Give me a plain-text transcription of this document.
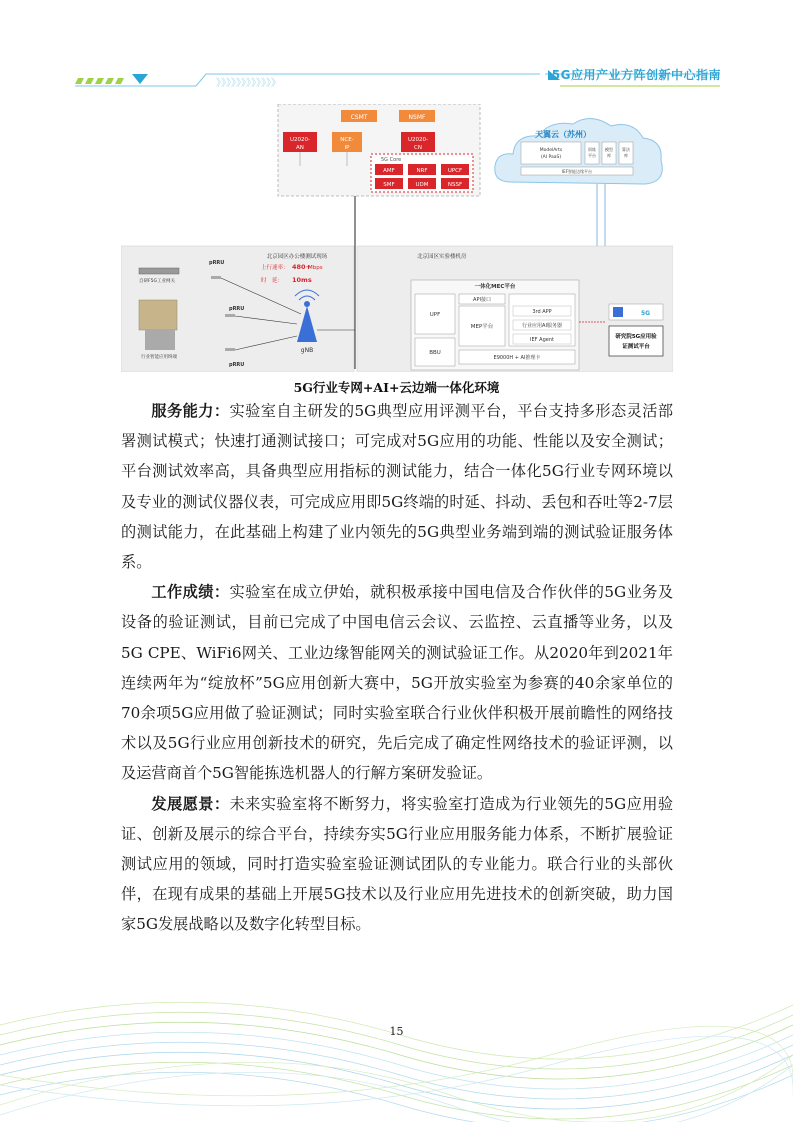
》》》》》》》》》》》》
5G应用产业方阵创新中心指南
CSMT	NSMF
U2020-
AN
NCE-
IP
U2020-
CN
5G Core
AMF	NRF	UPCF
SMF	UDM	NSSF
天翼云（苏州）
ModelArts
(AI PaaS)
训练
平台
模型
库
算法
库
IEF智能边缘平台
北京园区办公楼测试现场
上行速率： 480+
Mbps
时　延： 10ms
自研F5G工业网关
行业智能应用终端
pRRU
pRRU
pRRU
gNB
北京园区实验楼机房
一体化MEC平台
UPF
BBU
API接口
MEP平台
3rd APP
行业应用AI服务器
IEF Agent
E9000H + AI推理卡
5G
研究院5G应用验
证测试平台
5G行业专网+AI+云边端一体化环境

服务能力：实验室自主研发的5G典型应用评测平台，平台支持多形态灵活部署测试模式；快速打通测试接口；可完成对5G应用的功能、性能以及安全测试；平台测试效率高，具备典型应用指标的测试能力，结合一体化5G行业专网环境以及专业的测试仪器仪表，可完成应用即5G终端的时延、抖动、丢包和吞吐等2-7层的测试能力，在此基础上构建了业内领先的5G典型业务端到端的测试验证服务体系。

工作成绩：实验室在成立伊始，就积极承接中国电信及合作伙伴的5G业务及设备的验证测试，目前已完成了中国电信云会议、云监控、云直播等业务，以及5G CPE、WiFi6网关、工业边缘智能网关的测试验证工作。从2020年到2021年连续两年为“绽放杯”5G应用创新大赛中，5G开放实验室为参赛的40余家单位的70余项5G应用做了验证测试；同时实验室联合行业伙伴积极开展前瞻性的网络技术以及5G行业应用创新技术的研究，先后完成了确定性网络技术的验证评测，以及运营商首个5G智能拣选机器人的行解方案研发验证。

发展愿景：未来实验室将不断努力，将实验室打造成为行业领先的5G应用验证、创新及展示的综合平台，持续夯实5G行业应用服务能力体系，不断扩展验证测试应用的领域，同时打造实验室验证测试团队的专业能力。联合行业的头部伙伴，在现有成果的基础上开展5G技术以及行业应用先进技术的创新突破，助力国家5G发展战略以及数字化转型目标。

15
